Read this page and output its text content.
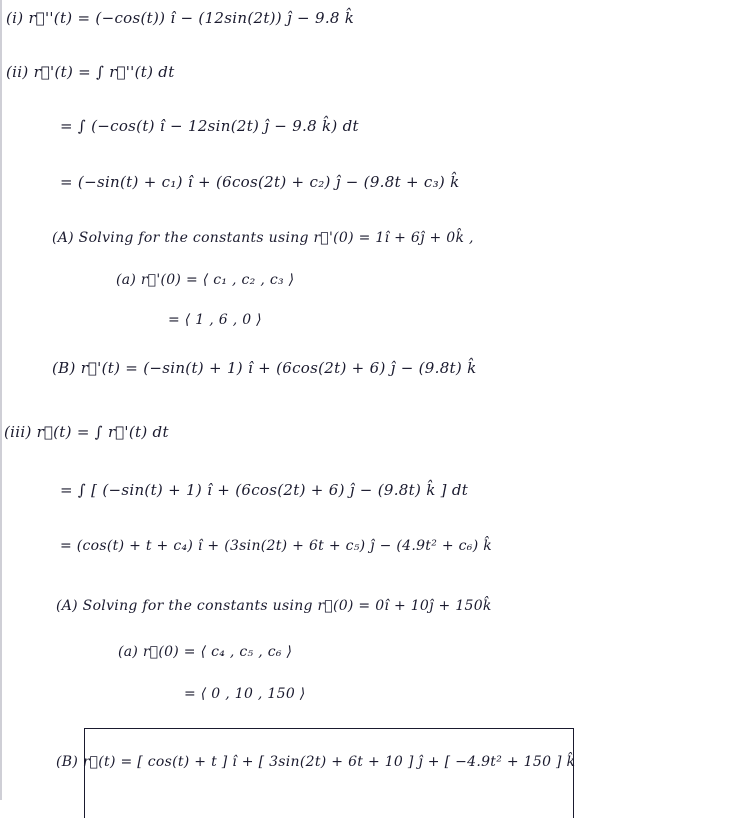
(i) r⃗''(t) = (−cos(t)) î − (12sin(2t)) ĵ − 9.8 k̂
(ii) r⃗'(t) = ∫ r⃗''(t) dt
= ∫ (−cos(t) î − 12sin(2t) ĵ − 9.8 k̂) dt
= (−sin(t) + c₁) î + (6cos(2t) + c₂) ĵ − (9.8t + c₃) k̂
(A) Solving for the constants using r⃗'(0) = 1î + 6ĵ + 0k̂ ,
(a) r⃗'(0) = ⟨ c₁ , c₂ , c₃ ⟩
= ⟨ 1 , 6 , 0 ⟩
(B) r⃗'(t) = (−sin(t) + 1) î + (6cos(2t) + 6) ĵ − (9.8t) k̂
(iii) r⃗(t) = ∫ r⃗'(t) dt
= ∫ [ (−sin(t) + 1) î + (6cos(2t) + 6) ĵ − (9.8t) k̂ ] dt
= (cos(t) + t + c₄) î + (3sin(2t) + 6t + c₅) ĵ − (4.9t² + c₆) k̂
(A) Solving for the constants using r⃗(0) = 0î + 10ĵ + 150k̂
(a) r⃗(0) = ⟨ c₄ , c₅ , c₆ ⟩
= ⟨ 0 , 10 , 150 ⟩
(B) r⃗(t) = [ cos(t) + t ] î + [ 3sin(2t) + 6t + 10 ] ĵ + [ −4.9t² + 150 ] k̂
